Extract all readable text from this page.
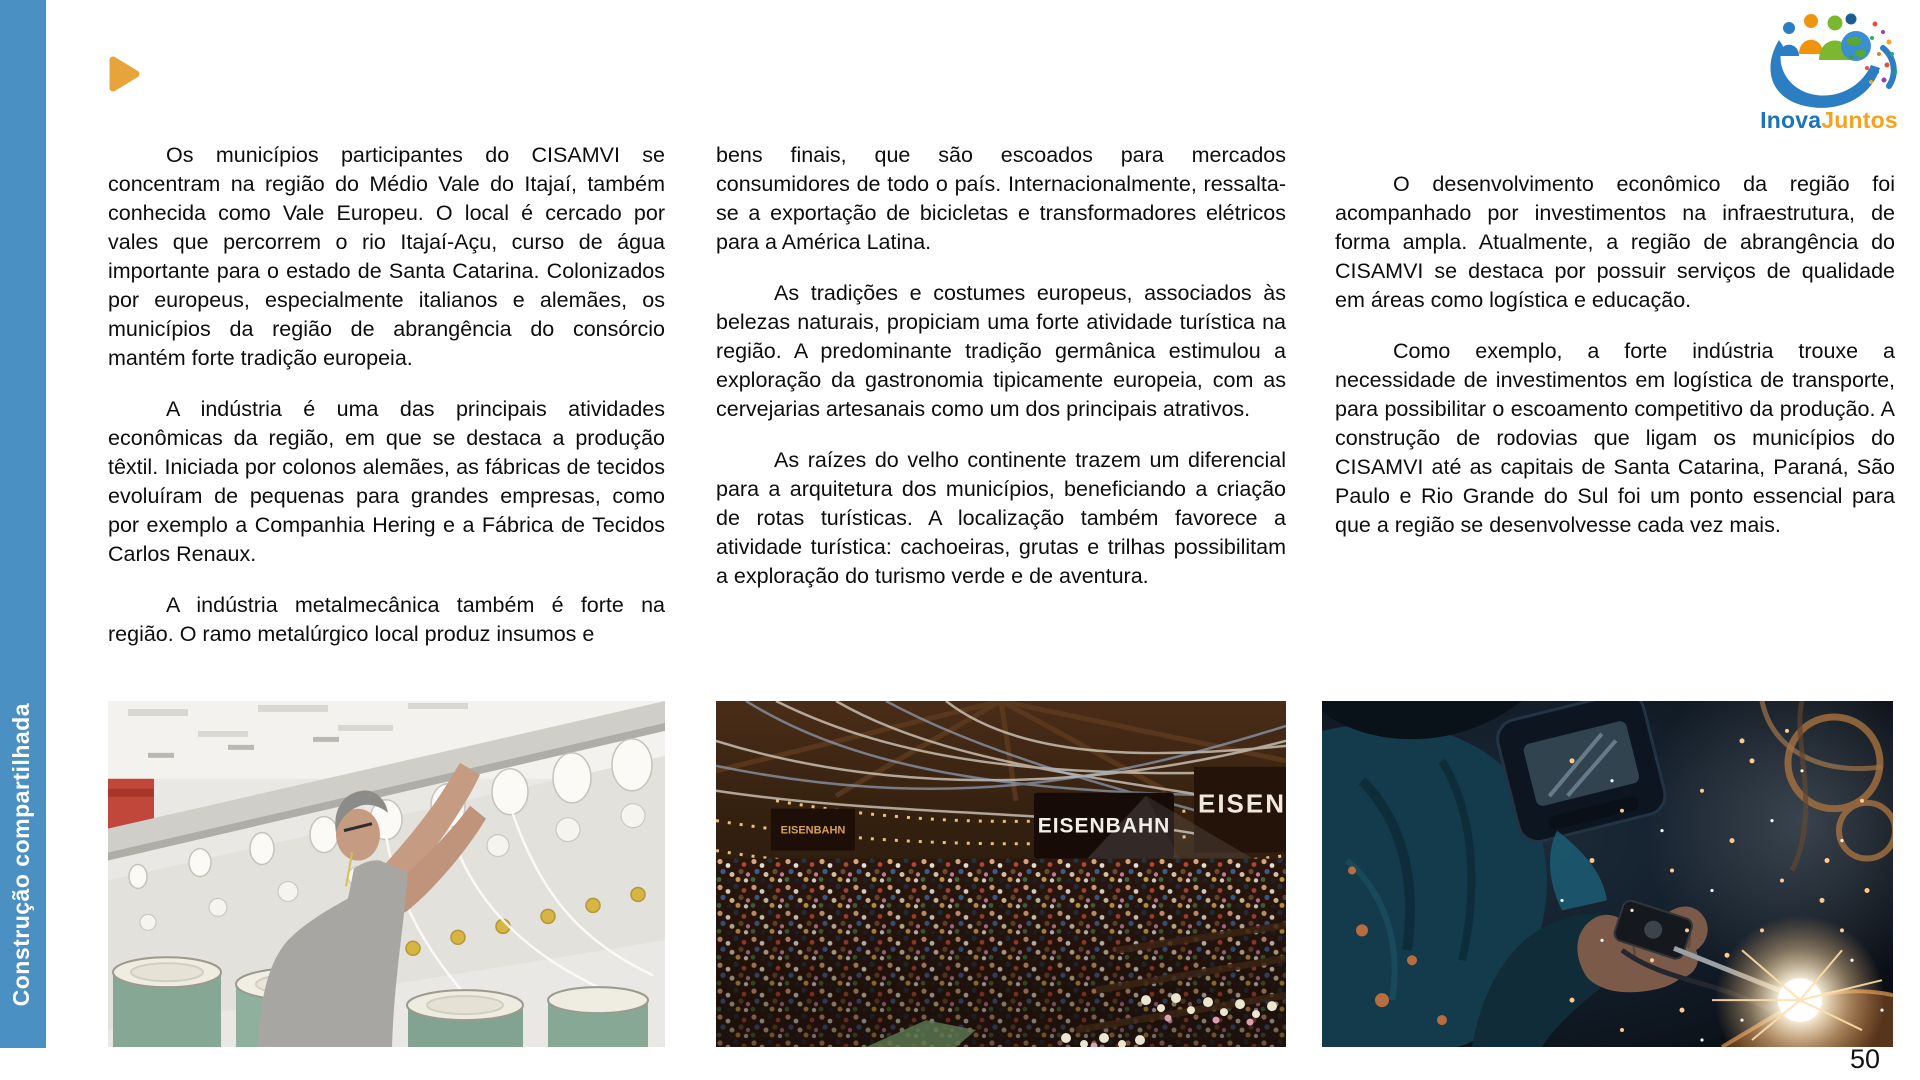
Construção compartilhada
InovaJuntos

Os municípios participantes do CISAMVI se concentram na região do Médio Vale do Itajaí, também conhecida como Vale Europeu. O local é cercado por vales que percorrem o rio Itajaí-Açu, curso de água importante para o estado de Santa Catarina. Colonizados por europeus, especialmente italianos e alemães, os municípios da região de abrangência do consórcio mantém forte tradição europeia.

A indústria é uma das principais atividades econômicas da região, em que se destaca a produção têxtil. Iniciada por colonos alemães, as fábricas de tecidos evoluíram de pequenas para grandes empresas, como por exemplo a Companhia Hering e a Fábrica de Tecidos Carlos Renaux.

A indústria metalmecânica também é forte na região. O ramo metalúrgico local produz insumos e

bens finais, que são escoados para mercados consumidores de todo o país. Internacionalmente, ressalta-se a exportação de bicicletas e transformadores elétricos para a América Latina.

As tradições e costumes europeus, associados às belezas naturais, propiciam uma forte atividade turística na região. A predominante tradição germânica estimulou a exploração da gastronomia tipicamente europeia, com as cervejarias artesanais como um dos principais atrativos.

As raízes do velho continente trazem um diferencial para a arquitetura dos municípios, beneficiando a criação de rotas turísticas. A localização também favorece a atividade turística: cachoeiras, grutas e trilhas possibilitam a exploração do turismo verde e de aventura.

O desenvolvimento econômico da região foi acompanhado por investimentos na infraestrutura, de forma ampla. Atualmente, a região de abrangência do CISAMVI se destaca por possuir serviços de qualidade em áreas como logística e educação.

Como exemplo, a forte indústria trouxe a necessidade de investimentos em logística de transporte, para possibilitar o escoamento competitivo da produção. A construção de rodovias que ligam os municípios do CISAMVI até as capitais de Santa Catarina, Paraná, São Paulo e Rio Grande do Sul foi um ponto essencial para que a região se desenvolvesse cada vez mais.

EISENBAHN
EISEN
EISENBAHN
50
